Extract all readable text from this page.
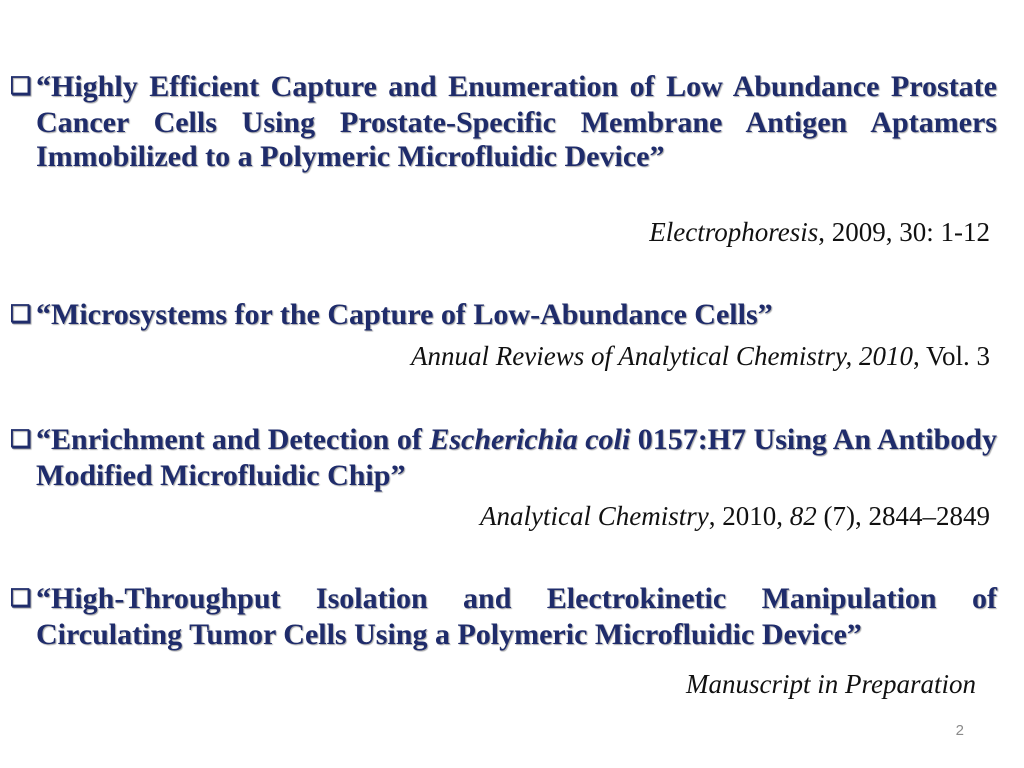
❏ “Highly Efficient Capture and Enumeration of Low Abundance Prostate Cancer Cells Using Prostate-Specific Membrane Antigen Aptamers Immobilized to a Polymeric Microfluidic Device”
Electrophoresis, 2009, 30: 1-12
❏ “Microsystems for the Capture of Low-Abundance Cells”
Annual Reviews of Analytical Chemistry, 2010, Vol. 3
❏ “Enrichment and Detection of Escherichia coli 0157:H7 Using An Antibody Modified Microfluidic Chip”
Analytical Chemistry, 2010, 82 (7), 2844–2849
❏ “High-Throughput Isolation and Electrokinetic Manipulation of Circulating Tumor Cells Using a Polymeric Microfluidic Device”
Manuscript in Preparation
2
